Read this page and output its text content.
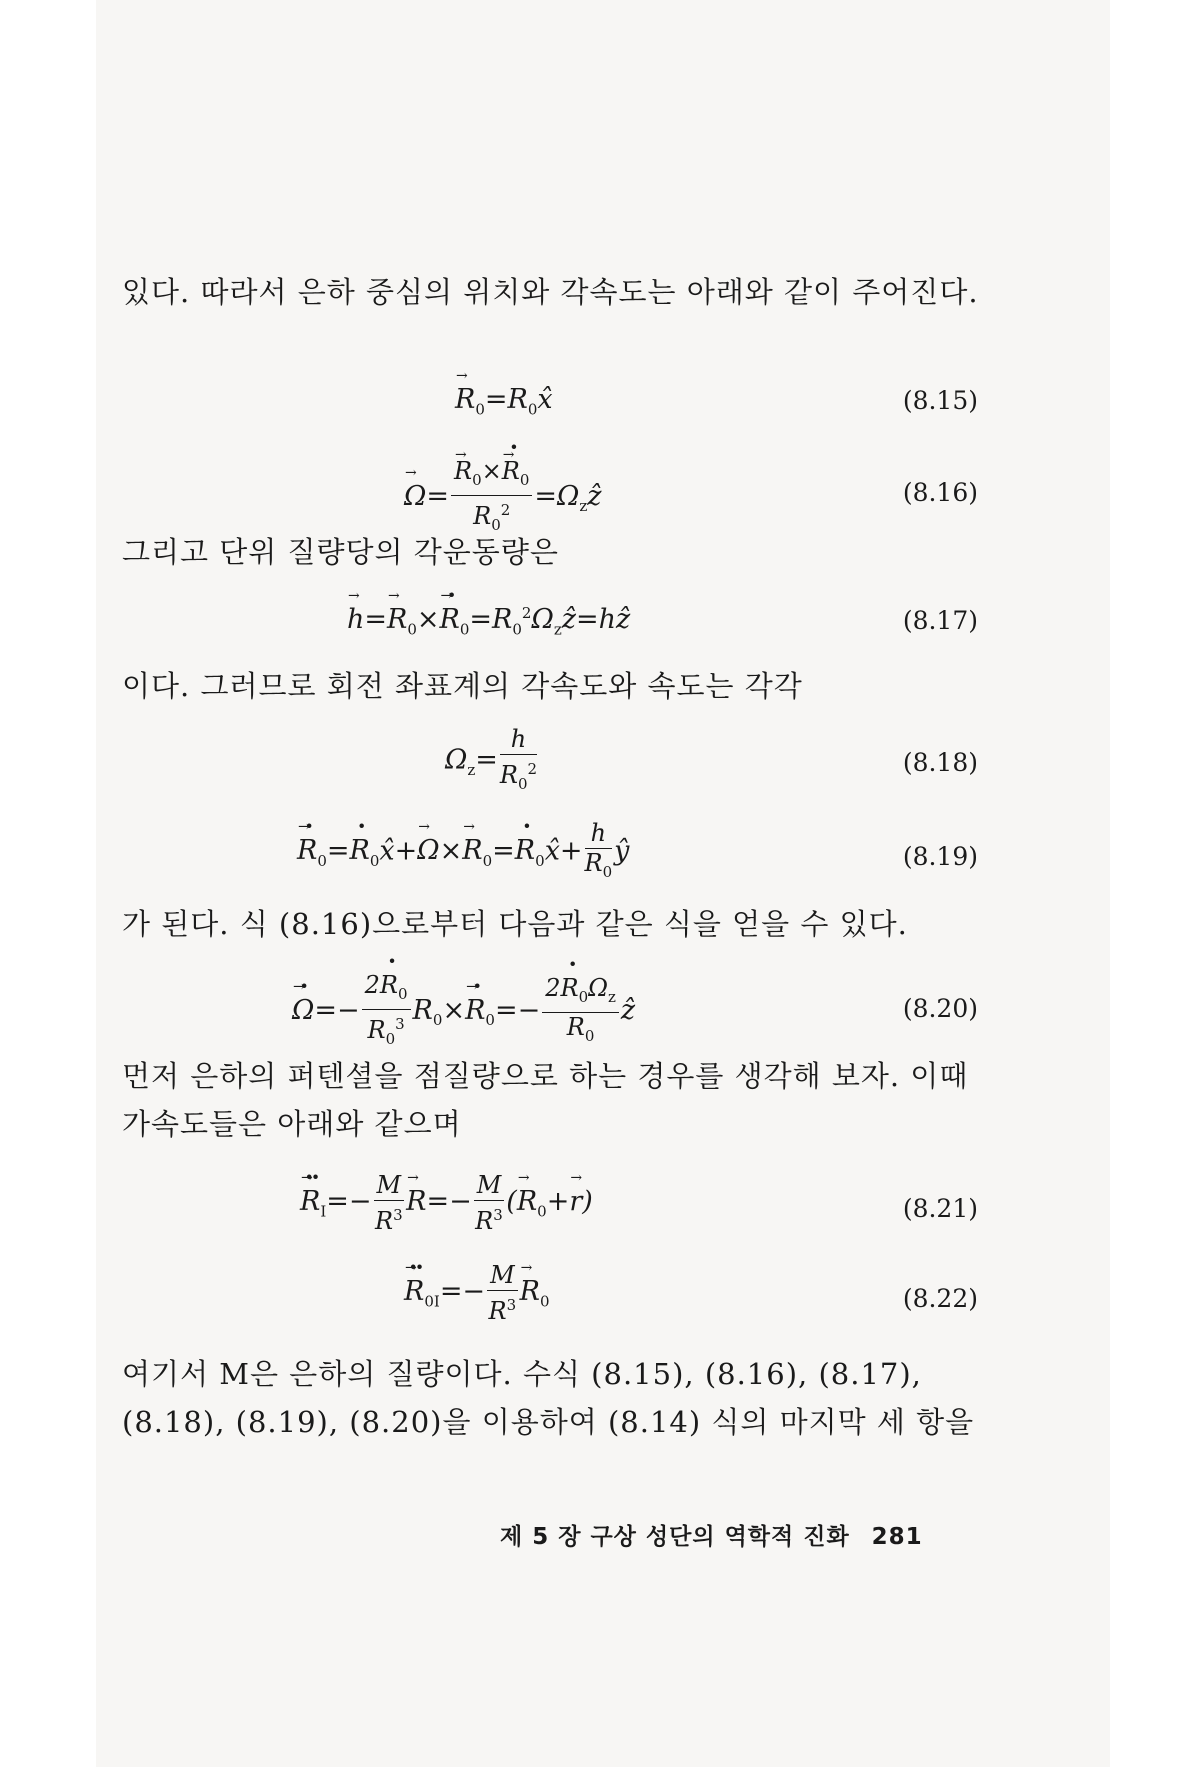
있다. 따라서 은하 중심의 위치와 각속도는 아래와 같이 주어진다.

→ $R_0=R_0x̂$	(8.15)
→ Ω=
→ $\frac{R_0\times\to R \cdot_0}{R_0^2}$ $=\Omega_zẑ$	(8.16)

그리고 단위 질량당의 각운동량은

→ $h=\to R_0\times\to R$ $\cdot_0=R_0^2\Omega_zẑ=hẑ$	(8.17)

이다. 그러므로 회전 좌표계의 각속도와 속도는 각각

$\Omega_z= \frac{h}{R_0^2}$	(8.18)
→ $R \cdot_0=R$ $\cdot_0x̂+\to \Omega\times\to R_0=R$ $\cdot_0x̂+ \frac{h}{R_0}$ ŷ	(8.19)

가 된다. 식 (8.16)으로부터 다음과 같은 식을 얻을 수 있다.

→ Ω ·=− $\frac{2R \cdot_0}{R_0^3} R_0\times\to R \cdot_0=- \frac{2R \cdot_0\Omega_z}{R_0}$ ẑ	(8.20)

먼저 은하의 퍼텐셜을 점질량으로 하는 경우를 생각해 보자. 이때 가속도들은 아래와 같으며

→ $R \cdot\cdot_I=- \frac{M}{R^3}$
→ $R=- \frac{M}{R^3}$ (→ $R_0+\to r$)	(8.21)
→ $R \cdot\cdot_{0I}=- \frac{M}{R^3}$
→ $R_0$	(8.22)

여기서 M은 은하의 질량이다. 수식 (8.15), (8.16), (8.17), (8.18), (8.19), (8.20)을 이용하여 (8.14) 식의 마지막 세 항을

제 5 장 구상 성단의 역학적 진화 281
